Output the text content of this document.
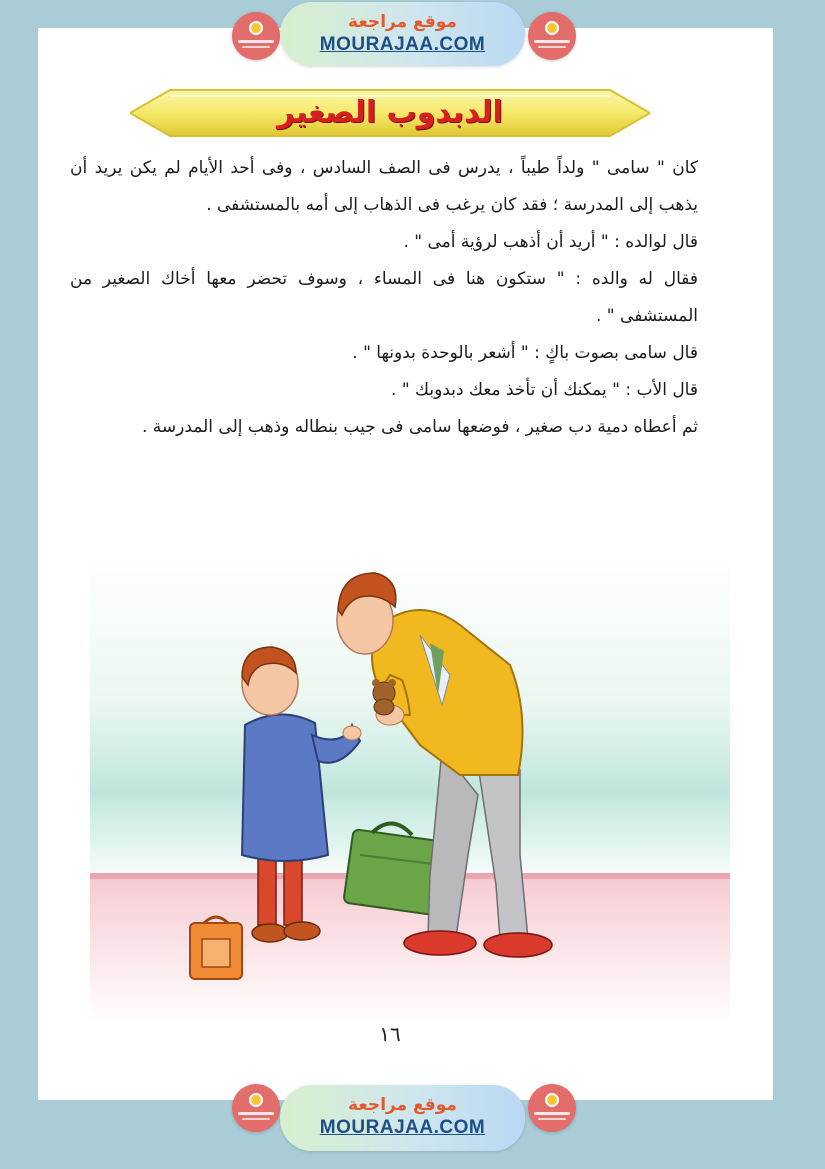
موقع مراجعة
MOURAJAA.COM
الدبدوب الصغير

كان " سامى " ولداً طيباً ، يدرس فى الصف السادس ، وفى أحد الأيام لم يكن يريد أن يذهب إلى المدرسة ؛ فقد كان يرغب فى الذهاب إلى أمه بالمستشفى .

قال لوالده : " أريد أن أذهب لرؤية أمى " .

فقال له والده : " ستكون هنا فى المساء ، وسوف تحضر معها أخاك الصغير من المستشفى " .

قال سامى بصوت باكٍ : " أشعر بالوحدة بدونها " .

قال الأب : " يمكنك أن تأخذ معك دبدوبك " .

ثم أعطاه دمية دب صغير ، فوضعها سامى فى جيب بنطاله وذهب إلى المدرسة .

١٦
موقع مراجعة
MOURAJAA.COM
